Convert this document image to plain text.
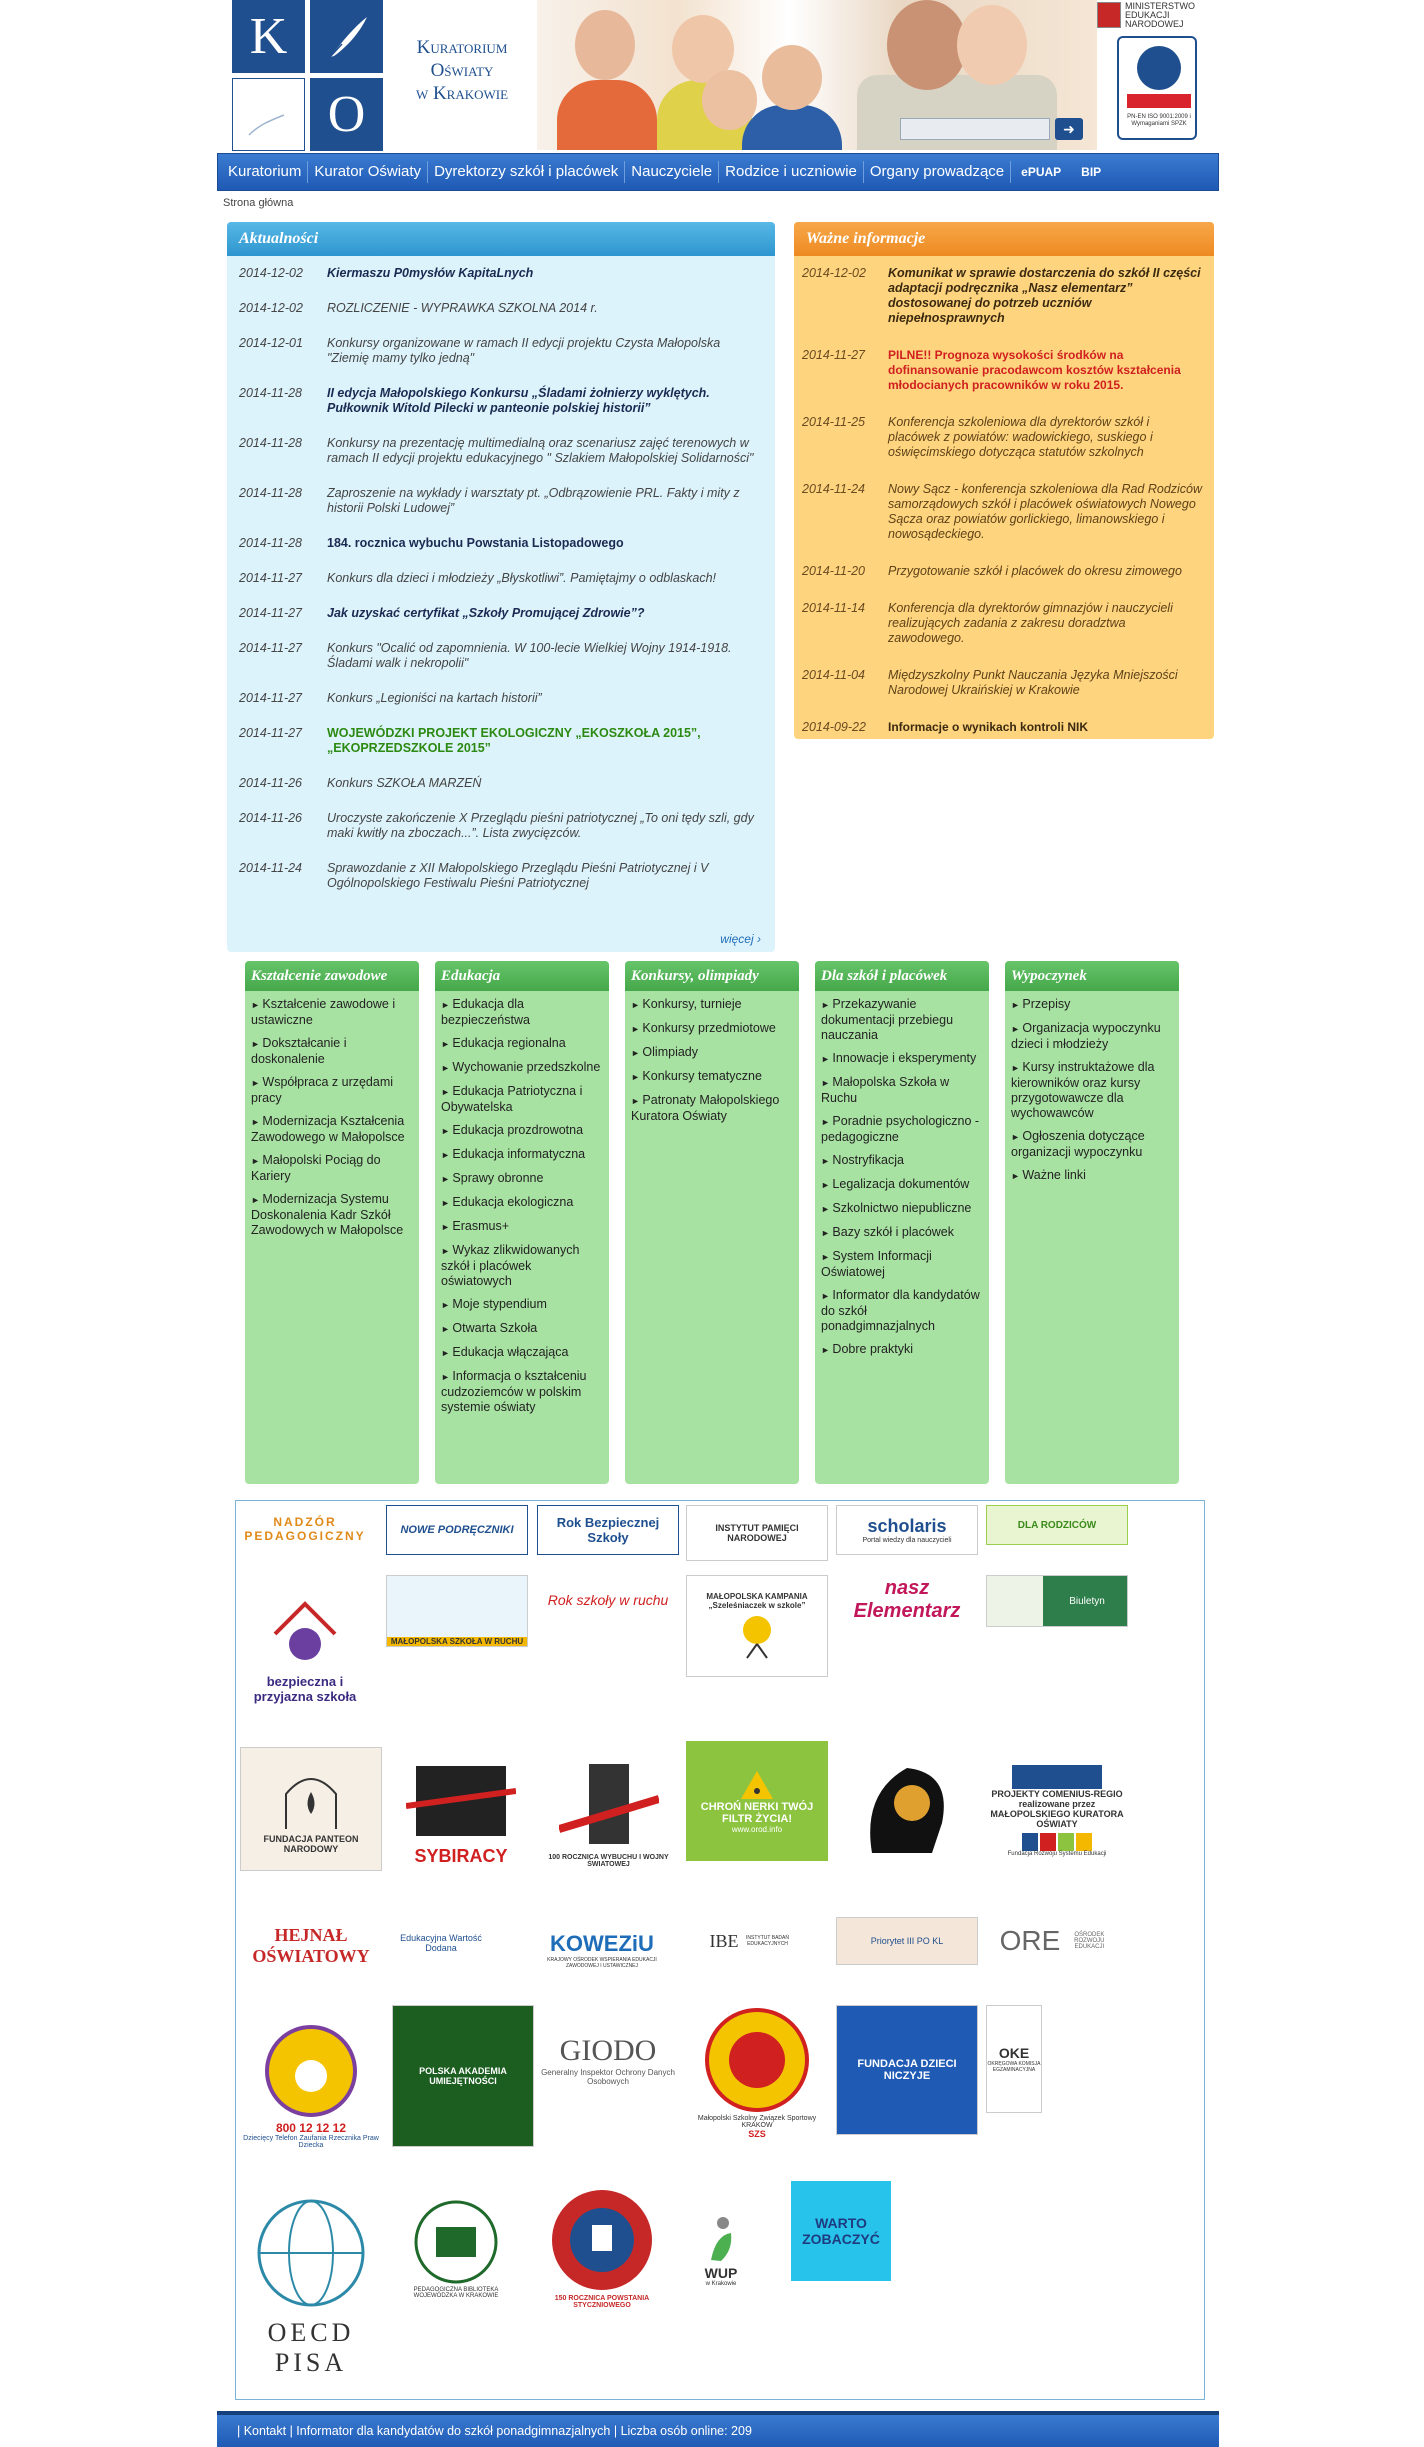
K
O
Kuratorium
Oświaty
w Krakowie
➜
MINISTERSTWO EDUKACJI NARODOWEJ
PN-EN ISO 9001:2009 i Wymaganiami SPZK
Kuratorium Kurator Oświaty Dyrektorzy szkół i placówek Nauczyciele Rodzice i uczniowie Organy prowadzące	ePUAP	BIP
Strona główna
Aktualności
2014-12-02	Kiermaszu P0mysłów KapitaLnych
2014-12-02	ROZLICZENIE - WYPRAWKA SZKOLNA 2014 r.
2014-12-01	Konkursy organizowane w ramach II edycji projektu Czysta Małopolska "Ziemię mamy tylko jedną"
2014-11-28	II edycja Małopolskiego Konkursu „Śladami żołnierzy wyklętych. Pułkownik Witold Pilecki w panteonie polskiej historii”
2014-11-28	Konkursy na prezentację multimedialną oraz scenariusz zajęć terenowych w ramach II edycji projektu edukacyjnego " Szlakiem Małopolskiej Solidarności"
2014-11-28	Zaproszenie na wykłady i warsztaty pt. „Odbrązowienie PRL. Fakty i mity z historii Polski Ludowej”
2014-11-28	184. rocznica wybuchu Powstania Listopadowego
2014-11-27	Konkurs dla dzieci i młodzieży „Błyskotliwi”. Pamiętajmy o odblaskach!
2014-11-27	Jak uzyskać certyfikat „Szkoły Promującej Zdrowie”?
2014-11-27	Konkurs "Ocalić od zapomnienia. W 100-lecie Wielkiej Wojny 1914-1918. Śladami walk i nekropolii"
2014-11-27	Konkurs „Legioniści na kartach historii”
2014-11-27	WOJEWÓDZKI PROJEKT EKOLOGICZNY „EKOSZKOŁA 2015”, „EKOPRZEDSZKOLE 2015”
2014-11-26	Konkurs SZKOŁA MARZEŃ
2014-11-26	Uroczyste zakończenie X Przeglądu pieśni patriotycznej „To oni tędy szli, gdy maki kwitły na zboczach...”. Lista zwycięzców.
2014-11-24	Sprawozdanie z XII Małopolskiego Przeglądu Pieśni Patriotycznej i V Ogólnopolskiego Festiwalu Pieśni Patriotycznej
więcej ›
Ważne informacje
2014-12-02	Komunikat w sprawie dostarczenia do szkół II części adaptacji podręcznika „Nasz elementarz” dostosowanej do potrzeb uczniów niepełnosprawnych
2014-11-27	PILNE!! Prognoza wysokości środków na dofinansowanie pracodawcom kosztów kształcenia młodocianych pracowników w roku 2015.
2014-11-25	Konferencja szkoleniowa dla dyrektorów szkół i placówek z powiatów: wadowickiego, suskiego i oświęcimskiego dotycząca statutów szkolnych
2014-11-24	Nowy Sącz - konferencja szkoleniowa dla Rad Rodziców samorządowych szkół i placówek oświatowych Nowego Sącza oraz powiatów gorlickiego, limanowskiego i nowosądeckiego.
2014-11-20	Przygotowanie szkół i placówek do okresu zimowego
2014-11-14	Konferencja dla dyrektorów gimnazjów i nauczycieli realizujących zadania z zakresu doradztwa zawodowego.
2014-11-04	Międzyszkolny Punkt Nauczania Języka Mniejszości Narodowej Ukraińskiej w Krakowie
2014-09-22	Informacje o wynikach kontroli NIK
Kształcenie zawodowe
► Kształcenie zawodowe i ustawiczne
► Dokształcanie i doskonalenie
► Współpraca z urzędami pracy
► Modernizacja Kształcenia Zawodowego w Małopolsce
► Małopolski Pociąg do Kariery
► Modernizacja Systemu Doskonalenia Kadr Szkół Zawodowych w Małopolsce
Edukacja
► Edukacja dla bezpieczeństwa
► Edukacja regionalna
► Wychowanie przedszkolne
► Edukacja Patriotyczna i Obywatelska
► Edukacja prozdrowotna
► Edukacja informatyczna
► Sprawy obronne
► Edukacja ekologiczna
► Erasmus+
► Wykaz zlikwidowanych szkół i placówek oświatowych
► Moje stypendium
► Otwarta Szkoła
► Edukacja włączająca
► Informacja o kształceniu cudzoziemców w polskim systemie oświaty
Konkursy, olimpiady
► Konkursy, turnieje
► Konkursy przedmiotowe
► Olimpiady
► Konkursy tematyczne
► Patronaty Małopolskiego Kuratora Oświaty
Dla szkół i placówek
► Przekazywanie dokumentacji przebiegu nauczania
► Innowacje i eksperymenty
► Małopolska Szkoła w Ruchu
► Poradnie psychologiczno -pedagogiczne
► Nostryfikacja
► Legalizacja dokumentów
► Szkolnictwo niepubliczne
► Bazy szkół i placówek
► System Informacji Oświatowej
► Informator dla kandydatów do szkół ponadgimnazjalnych
► Dobre praktyki
Wypoczynek
► Przepisy
► Organizacja wypoczynku dzieci i młodzieży
► Kursy instruktażowe dla kierowników oraz kursy przygotowawcze dla wychowawców
► Ogłoszenia dotyczące organizacji wypoczynku
► Ważne linki
NADZÓR PEDAGOGICZNY	NOWE PODRĘCZNIKI	Rok Bezpiecznej Szkoły
INSTYTUT PAMIĘCI NARODOWEJ
scholaris
Portal wiedzy dla nauczycieli
DLA RODZICÓW
bezpieczna i przyjazna szkoła
MAŁOPOLSKA SZKOŁA W RUCHU
Rok szkoły w ruchu	MAŁOPOLSKA KAMPANIA „Szeleśniaczek w szkole”
nasz Elementarz	Biuletyn
FUNDACJA PANTEON NARODOWY	SYBIRACY	100 ROCZNICA WYBUCHU I WOJNY ŚWIATOWEJ
CHROŃ NERKI TWÓJ FILTR ŻYCIA!
www.orod.info
PROJEKTY COMENIUS-REGIO realizowane przez MAŁOPOLSKIEGO KURATORA OŚWIATY
Fundacja Rozwoju Systemu Edukacji
HEJNAŁ OŚWIATOWY
Edukacyjna Wartość Dodana	KOWEZiU
KRAJOWY OŚRODEK WSPIERANIA EDUKACJI ZAWODOWEJ I USTAWICZNEJ
IBE	INSTYTUT BADAŃ EDUKACYJNYCH	Priorytet III PO KL ORE	OŚRODEK ROZWOJU EDUKACJI
800 12 12 12
Dziecięcy Telefon Zaufania Rzecznika Praw Dziecka
POLSKA AKADEMIA UMIEJĘTNOŚCI
GIODO
Generalny Inspektor Ochrony Danych Osobowych
Małopolski Szkolny Związek Sportowy KRAKÓW
SZS
FUNDACJA DZIECI NICZYJE
OKE
OKRĘGOWA KOMISJA EGZAMINACYJNA
OECD PISA
PEDAGOGICZNA BIBLIOTEKA WOJEWÓDZKA W KRAKOWIE	150 ROCZNICA POWSTANIA STYCZNIOWEGO
WUP
w Krakowie
WARTO ZOBACZYĆ
| Kontakt | Informator dla kandydatów do szkół ponadgimnazjalnych | Liczba osób online: 209
